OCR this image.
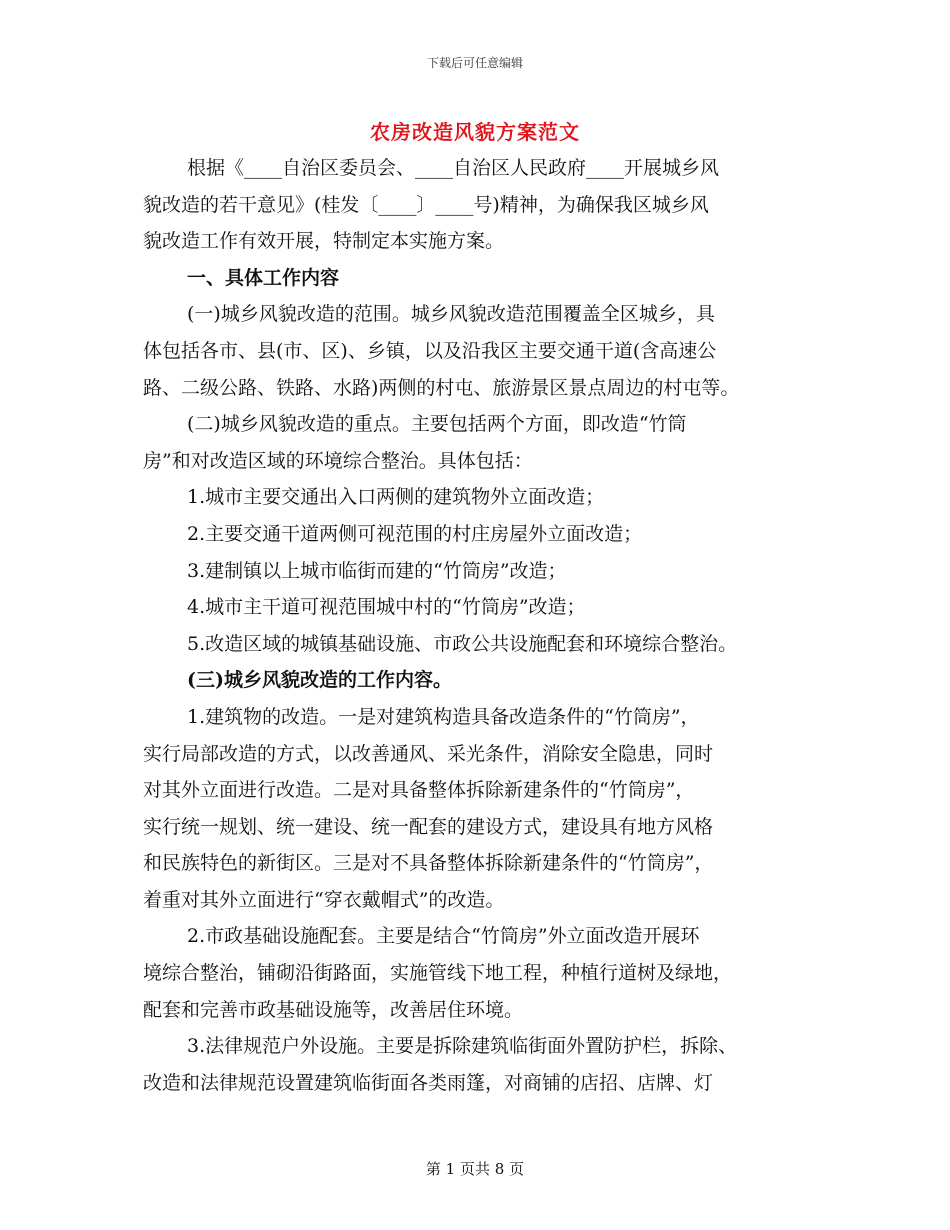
下载后可任意编辑
农房改造风貌方案范文
根据《____自治区委员会、____自治区人民政府____开展城乡风
貌改造的若干意见》(桂发〔____〕____号)精神，为确保我区城乡风
貌改造工作有效开展，特制定本实施方案。
一、具体工作内容
(一)城乡风貌改造的范围。城乡风貌改造范围覆盖全区城乡，具
体包括各市、县(市、区)、乡镇，以及沿我区主要交通干道(含高速公
路、二级公路、铁路、水路)两侧的村屯、旅游景区景点周边的村屯等。
(二)城乡风貌改造的重点。主要包括两个方面，即改造“竹筒
房”和对改造区域的环境综合整治。具体包括：
1.城市主要交通出入口两侧的建筑物外立面改造；
2.主要交通干道两侧可视范围的村庄房屋外立面改造；
3.建制镇以上城市临街而建的“竹筒房”改造；
4.城市主干道可视范围城中村的“竹筒房”改造；
5.改造区域的城镇基础设施、市政公共设施配套和环境综合整治。
(三)城乡风貌改造的工作内容。
1.建筑物的改造。一是对建筑构造具备改造条件的“竹筒房”，
实行局部改造的方式，以改善通风、采光条件，消除安全隐患，同时
对其外立面进行改造。二是对具备整体拆除新建条件的“竹筒房”，
实行统一规划、统一建设、统一配套的建设方式，建设具有地方风格
和民族特色的新街区。三是对不具备整体拆除新建条件的“竹筒房”，
着重对其外立面进行“穿衣戴帽式”的改造。
2.市政基础设施配套。主要是结合“竹筒房”外立面改造开展环
境综合整治，铺砌沿街路面，实施管线下地工程，种植行道树及绿地，
配套和完善市政基础设施等，改善居住环境。
3.法律规范户外设施。主要是拆除建筑临街面外置防护栏，拆除、
改造和法律规范设置建筑临街面各类雨篷，对商铺的店招、店牌、灯
第 1 页共 8 页
